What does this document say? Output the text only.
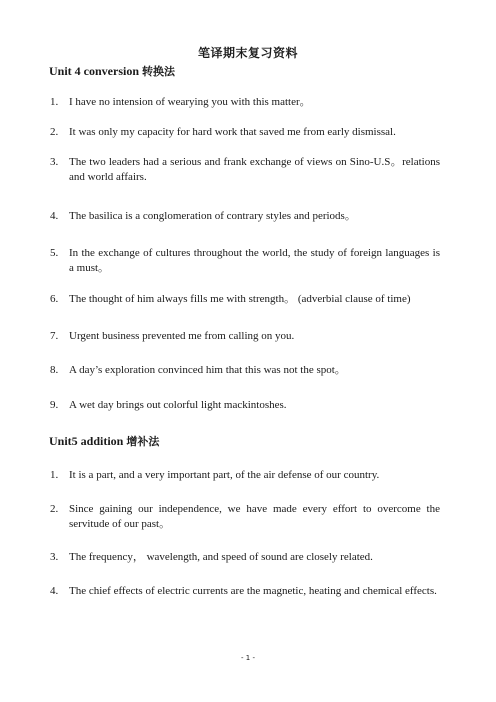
笔译期末复习资料
Unit 4 conversion 转换法
1. I have no intension of wearying you with this matter。
2. It was only my capacity for hard work that saved me from early dismissal.
3. The two leaders had a serious and frank exchange of views on Sino-U.S。relations and world affairs.
4. The basilica is a conglomeration of contrary styles and periods。
5. In the exchange of cultures throughout the world, the study of foreign languages is a must。
6. The thought of him always fills me with strength。 (adverbial clause of time)
7. Urgent business prevented me from calling on you.
8. A day’s exploration convinced him that this was not the spot。
9. A wet day brings out colorful light mackintoshes.
Unit5 addition 增补法
1. It is a part, and a very important part, of the air defense of our country.
2. Since gaining our independence, we have made every effort to overcome the servitude of our past。
3. The frequency， wavelength, and speed of sound are closely related.
4. The chief effects of electric currents are the magnetic, heating and chemical effects.
- 1 -
